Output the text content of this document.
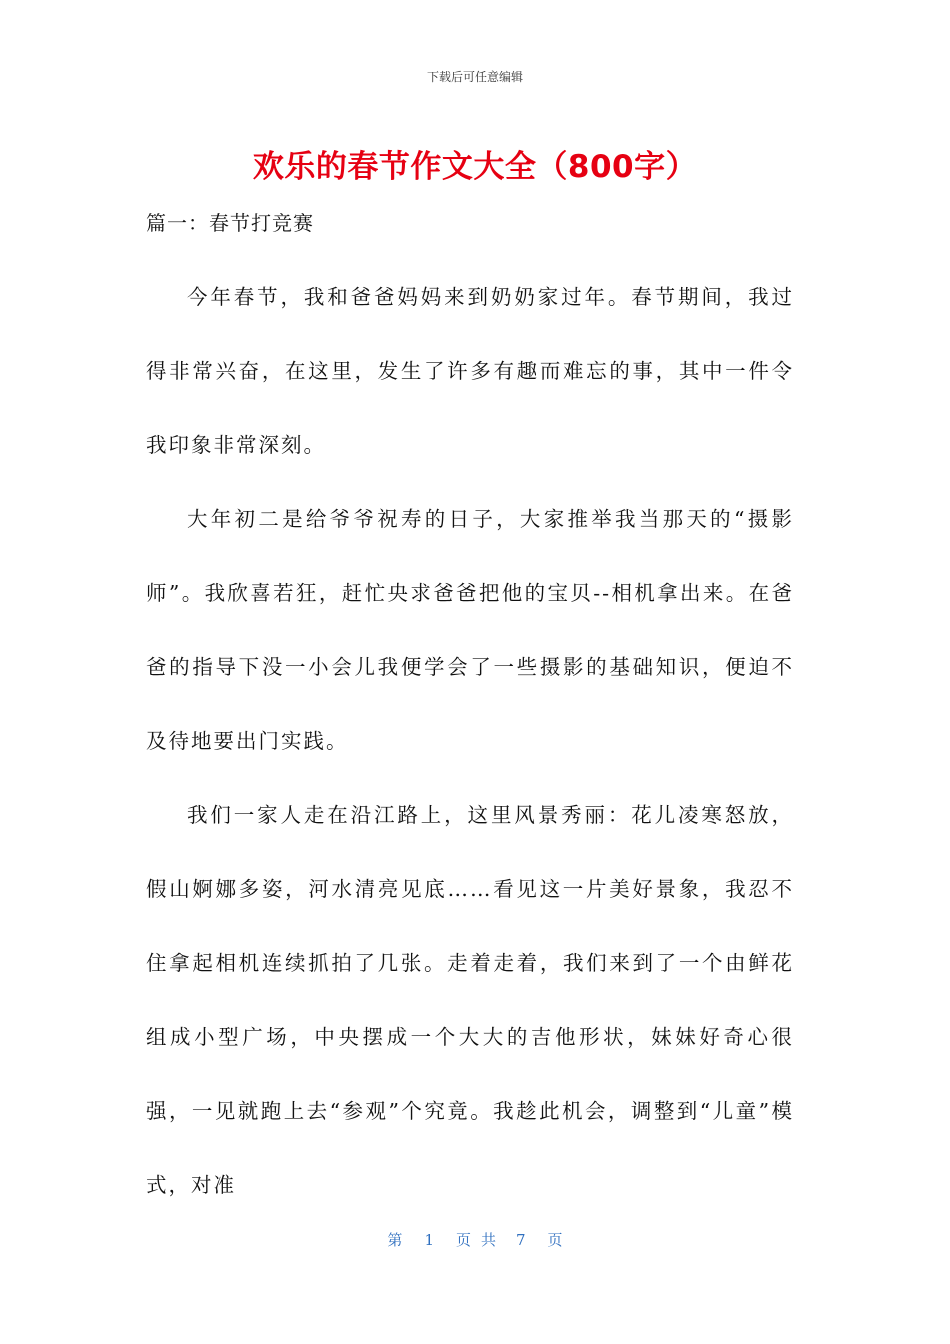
下载后可任意编辑
欢乐的春节作文大全（800字）
篇一：春节打竞赛

今年春节，我和爸爸妈妈来到奶奶家过年。春节期间，我过得非常兴奋，在这里，发生了许多有趣而难忘的事，其中一件令我印象非常深刻。

大年初二是给爷爷祝寿的日子，大家推举我当那天的“摄影师”。我欣喜若狂，赶忙央求爸爸把他的宝贝--相机拿出来。在爸爸的指导下没一小会儿我便学会了一些摄影的基础知识，便迫不及待地要出门实践。

我们一家人走在沿江路上，这里风景秀丽：花儿凌寒怒放，假山婀娜多姿，河水清亮见底……看见这一片美好景象，我忍不住拿起相机连续抓拍了几张。走着走着，我们来到了一个由鲜花组成小型广场，中央摆成一个大大的吉他形状，妹妹好奇心很强，一见就跑上去“参观”个究竟。我趁此机会，调整到“儿童”模式，对准

第 1 页共 7 页
